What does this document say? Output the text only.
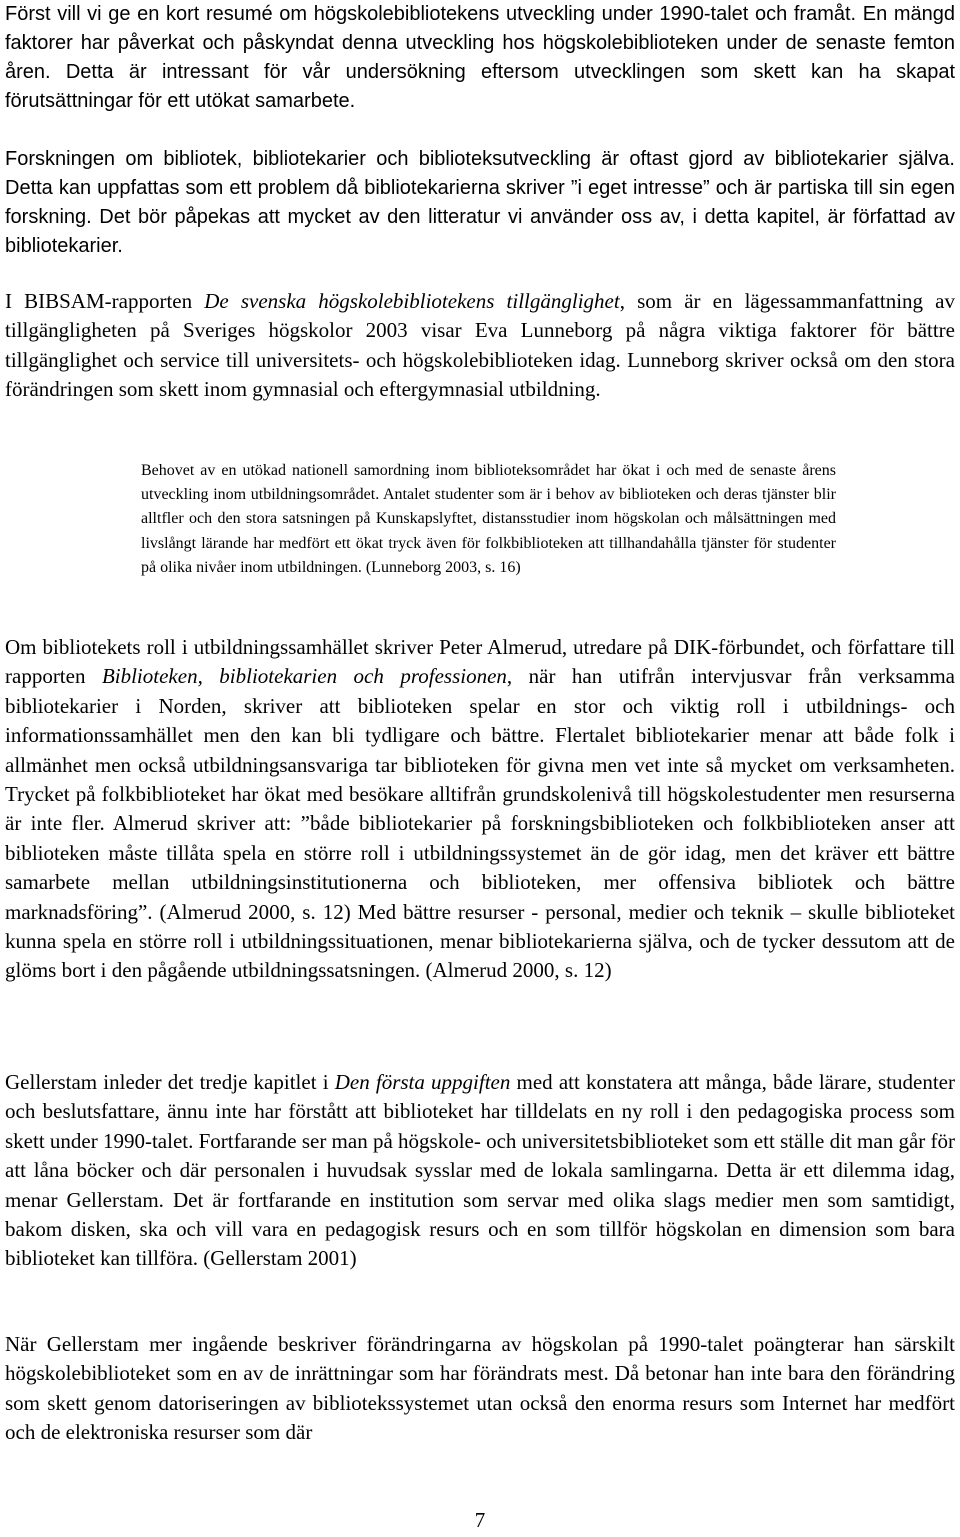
Först vill vi ge en kort resumé om högskolebibliotekens utveckling under 1990-talet och framåt. En mängd faktorer har påverkat och påskyndat denna utveckling hos högskolebiblioteken under de senaste femton åren. Detta är intressant för vår undersökning eftersom utvecklingen som skett kan ha skapat förutsättningar för ett utökat samarbete.

Forskningen om bibliotek, bibliotekarier och biblioteksutveckling är oftast gjord av bibliotekarier själva. Detta kan uppfattas som ett problem då bibliotekarierna skriver ”i eget intresse” och är partiska till sin egen forskning. Det bör påpekas att mycket av den litteratur vi använder oss av, i detta kapitel, är författad av bibliotekarier.

I BIBSAM-rapporten De svenska högskolebibliotekens tillgänglighet, som är en lägessammanfattning av tillgängligheten på Sveriges högskolor 2003 visar Eva Lunneborg på några viktiga faktorer för bättre tillgänglighet och service till universitets- och högskolebiblioteken idag. Lunneborg skriver också om den stora förändringen som skett inom gymnasial och eftergymnasial utbildning.

Behovet av en utökad nationell samordning inom biblioteksområdet har ökat i och med de senaste årens utveckling inom utbildningsområdet. Antalet studenter som är i behov av biblioteken och deras tjänster blir alltfler och den stora satsningen på Kunskapslyftet, distansstudier inom högskolan och målsättningen med livslångt lärande har medfört ett ökat tryck även för folkbiblioteken att tillhandahålla tjänster för studenter på olika nivåer inom utbildningen. (Lunneborg 2003, s. 16)

Om bibliotekets roll i utbildningssamhället skriver Peter Almerud, utredare på DIK-förbundet, och författare till rapporten Biblioteken, bibliotekarien och professionen, när han utifrån intervjusvar från verksamma bibliotekarier i Norden, skriver att biblioteken spelar en stor och viktig roll i utbildnings- och informationssamhället men den kan bli tydligare och bättre. Flertalet bibliotekarier menar att både folk i allmänhet men också utbildningsansvariga tar biblioteken för givna men vet inte så mycket om verksamheten. Trycket på folkbiblioteket har ökat med besökare alltifrån grundskolenivå till högskolestudenter men resurserna är inte fler. Almerud skriver att: ”både bibliotekarier på forskningsbiblioteken och folkbiblioteken anser att biblioteken måste tillåta spela en större roll i utbildningssystemet än de gör idag, men det kräver ett bättre samarbete mellan utbildningsinstitutionerna och biblioteken, mer offensiva bibliotek och bättre marknadsföring”. (Almerud 2000, s. 12) Med bättre resurser - personal, medier och teknik – skulle biblioteket kunna spela en större roll i utbildningssituationen, menar bibliotekarierna själva, och de tycker dessutom att de glöms bort i den pågående utbildningssatsningen. (Almerud 2000, s. 12)

Gellerstam inleder det tredje kapitlet i Den första uppgiften med att konstatera att många, både lärare, studenter och beslutsfattare, ännu inte har förstått att biblioteket har tilldelats en ny roll i den pedagogiska process som skett under 1990-talet. Fortfarande ser man på högskole- och universitetsbiblioteket som ett ställe dit man går för att låna böcker och där personalen i huvudsak sysslar med de lokala samlingarna. Detta är ett dilemma idag, menar Gellerstam. Det är fortfarande en institution som servar med olika slags medier men som samtidigt, bakom disken, ska och vill vara en pedagogisk resurs och en som tillför högskolan en dimension som bara biblioteket kan tillföra. (Gellerstam 2001)

När Gellerstam mer ingående beskriver förändringarna av högskolan på 1990-talet poängterar han särskilt högskolebiblioteket som en av de inrättningar som har förändrats mest. Då betonar han inte bara den förändring som skett genom datoriseringen av bibliotekssystemet utan också den enorma resurs som Internet har medfört och de elektroniska resurser som där

7
